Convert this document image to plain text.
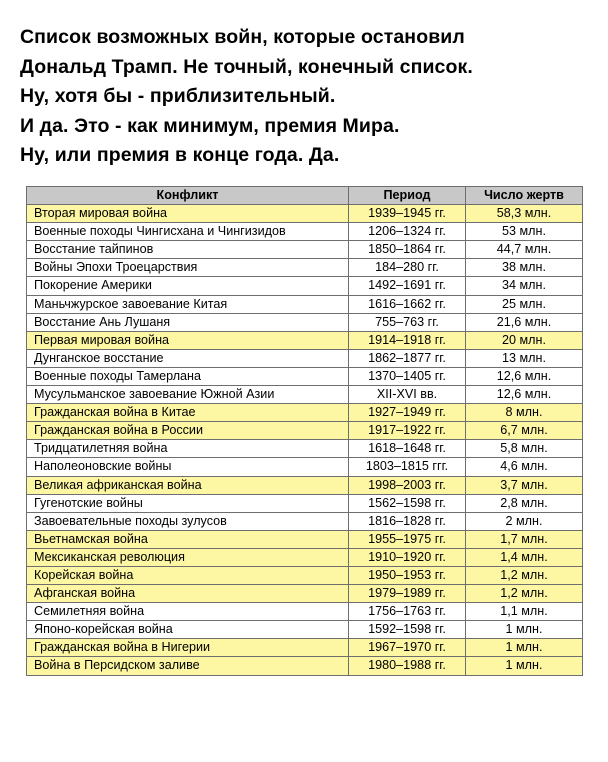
Список возможных войн, которые остановил
Дональд Трамп. Не точный, конечный список.
Ну, хотя бы - приблизительный.
И да. Это - как минимум, премия Мира.
Ну, или премия в конце года. Да.
Конфликт	Период	Число жертв
Вторая мировая война	1939–1945 гг.	58,3 млн.
Военные походы Чингисхана и Чингизидов	1206–1324 гг.	53 млн.
Восстание тайпинов	1850–1864 гг.	44,7 млн.
Войны Эпохи Троецарствия	184–280 гг.	38 млн.
Покорение Америки	1492–1691 гг.	34 млн.
Маньчжурское завоевание Китая	1616–1662 гг.	25 млн.
Восстание Ань Лушаня	755–763 гг.	21,6 млн.
Первая мировая война	1914–1918 гг.	20 млн.
Дунганское восстание	1862–1877 гг.	13 млн.
Военные походы Тамерлана	1370–1405 гг.	12,6 млн.
Мусульманское завоевание Южной Азии	XII-XVI вв.	12,6 млн.
Гражданская война в Китае	1927–1949 гг.	8 млн.
Гражданская война в России	1917–1922 гг.	6,7 млн.
Тридцатилетняя война	1618–1648 гг.	5,8 млн.
Наполеоновские войны	1803–1815 ггг.	4,6 млн.
Великая африканская война	1998–2003 гг.	3,7 млн.
Гугенотские войны	1562–1598 гг.	2,8 млн.
Завоевательные походы зулусов	1816–1828 гг.	2 млн.
Вьетнамская война	1955–1975 гг.	1,7 млн.
Мексиканская революция	1910–1920 гг.	1,4 млн.
Корейская война	1950–1953 гг.	1,2 млн.
Афганская война	1979–1989 гг.	1,2 млн.
Семилетняя война	1756–1763 гг.	1,1 млн.
Японо-корейская война	1592–1598 гг.	1 млн.
Гражданская война в Нигерии	1967–1970 гг.	1 млн.
Война в Персидском заливе	1980–1988 гг.	1 млн.
